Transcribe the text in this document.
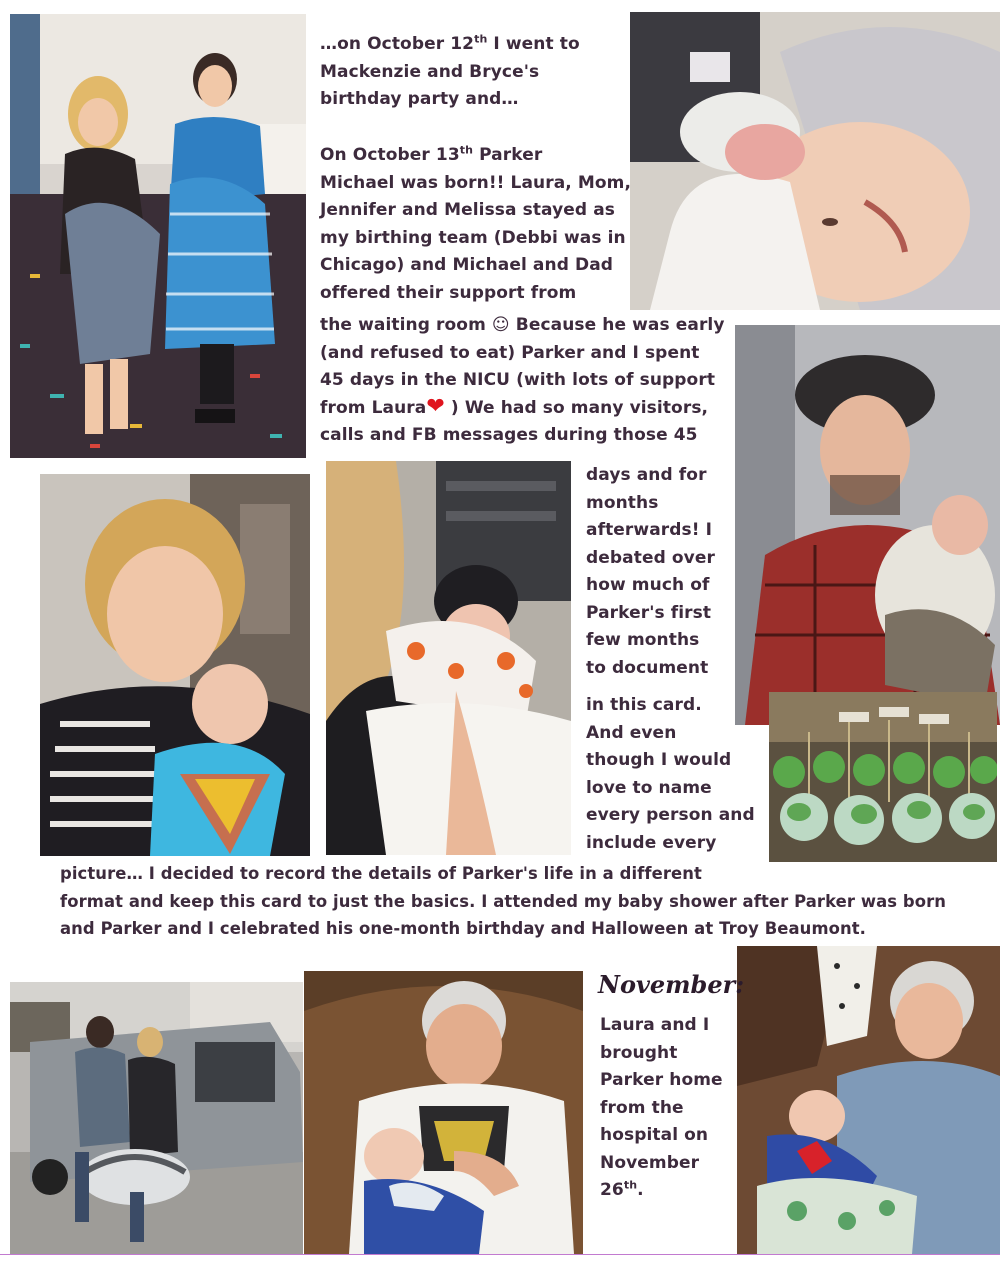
…on October 12th I went to
Mackenzie and Bryce's
birthday party and…
On October 13th Parker
Michael was born!! Laura, Mom,
Jennifer and Melissa stayed as
my birthing team (Debbi was in
Chicago) and Michael and Dad
offered their support from
the waiting room ☺ Because he was early
(and refused to eat) Parker and I spent
45 days in the NICU (with lots of support
from Laura❤ ) We had so many visitors,
calls and FB messages during those 45
days and for
months
afterwards! I
debated over
how much of
Parker's first
few months
to document
in this card.
And even
though I would
love to name
every person and
include every
picture… I decided to record the details of Parker's life in a different
format and keep this card to just the basics. I attended my baby shower after Parker was born
and Parker and I celebrated his one-month birthday and Halloween at Troy Beaumont.
November:
Laura and I
brought
Parker home
from the
hospital on
November
26th.
